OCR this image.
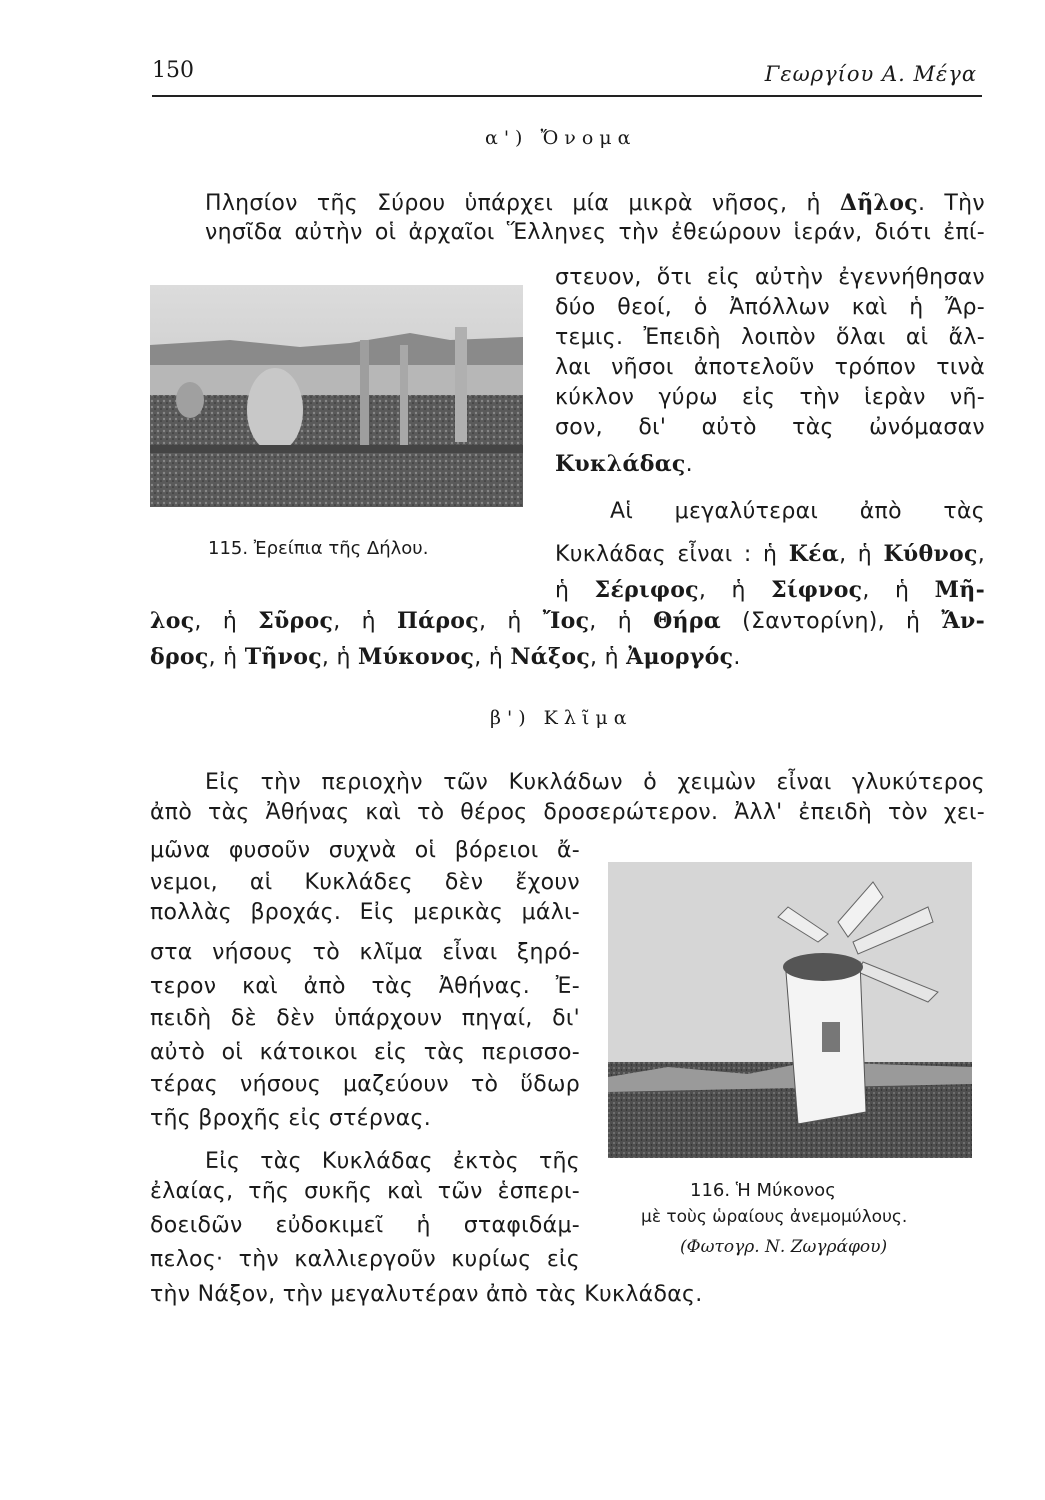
150	Γεωργίου Α. Μέγα
α') Ὄνομα
Πλησίον τῆς Σύρου ὑπάρχει μία μικρὰ νῆσος, ἡ Δῆλος. Τὴν
νησῖδα αὐτὴν οἱ ἀρχαῖοι Ἕλληνες τὴν ἐθεώρουν ἱεράν, διότι ἐπί-
στευον, ὅτι εἰς αὐτὴν ἐγεννήθησαν
δύο θεοί, ὁ Ἀπόλλων καὶ ἡ Ἄρ-
τεμις. Ἐπειδὴ λοιπὸν ὅλαι αἱ ἄλ-
λαι νῆσοι ἀποτελοῦν τρόπον τινὰ
κύκλον γύρω εἰς τὴν ἱερὰν νῆ-
σον, δι' αὐτὸ τὰς ὠνόμασαν
Κυκλάδας.
Αἱ μεγαλύτεραι ἀπὸ τὰς
Κυκλάδας εἶναι : ἡ Κέα, ἡ Κύθνος,
ἡ Σέριφος, ἡ Σίφνος, ἡ Μῆ-
λος, ἡ Σῦρος, ἡ Πάρος, ἡ Ἴος, ἡ Θήρα (Σαντορίνη), ἡ Ἄν-
δρος, ἡ Τῆνος, ἡ Μύκονος, ἡ Νάξος, ἡ Ἀμοργός.
115. Ἐρείπια τῆς Δήλου.
β') Κλῖμα
Εἰς τὴν περιοχὴν τῶν Κυκλάδων ὁ χειμὼν εἶναι γλυκύτερος
ἀπὸ τὰς Ἀθήνας καὶ τὸ θέρος δροσερώτερον. Ἀλλ' ἐπειδὴ τὸν χει-
μῶνα φυσοῦν συχνὰ οἱ βόρειοι ἄ-
νεμοι, αἱ Κυκλάδες δὲν ἔχουν
πολλὰς βροχάς. Εἰς μερικὰς μάλι-
στα νήσους τὸ κλῖμα εἶναι ξηρό-
τερον καὶ ἀπὸ τὰς Ἀθήνας. Ἐ-
πειδὴ δὲ δὲν ὑπάρχουν πηγαί, δι'
αὐτὸ οἱ κάτοικοι εἰς τὰς περισσο-
τέρας νήσους μαζεύουν τὸ ὕδωρ
τῆς βροχῆς εἰς στέρνας.
Εἰς τὰς Κυκλάδας ἐκτὸς τῆς
ἐλαίας, τῆς συκῆς καὶ τῶν ἑσπερι-
δοειδῶν εὐδοκιμεῖ ἡ σταφιδάμ-
πελος· τὴν καλλιεργοῦν κυρίως εἰς
τὴν Νάξον, τὴν μεγαλυτέραν ἀπὸ τὰς Κυκλάδας.
116. Ἡ Μύκονος
μὲ τοὺς ὡραίους ἀνεμομύλους.
(Φωτογρ. Ν. Ζωγράφου)
